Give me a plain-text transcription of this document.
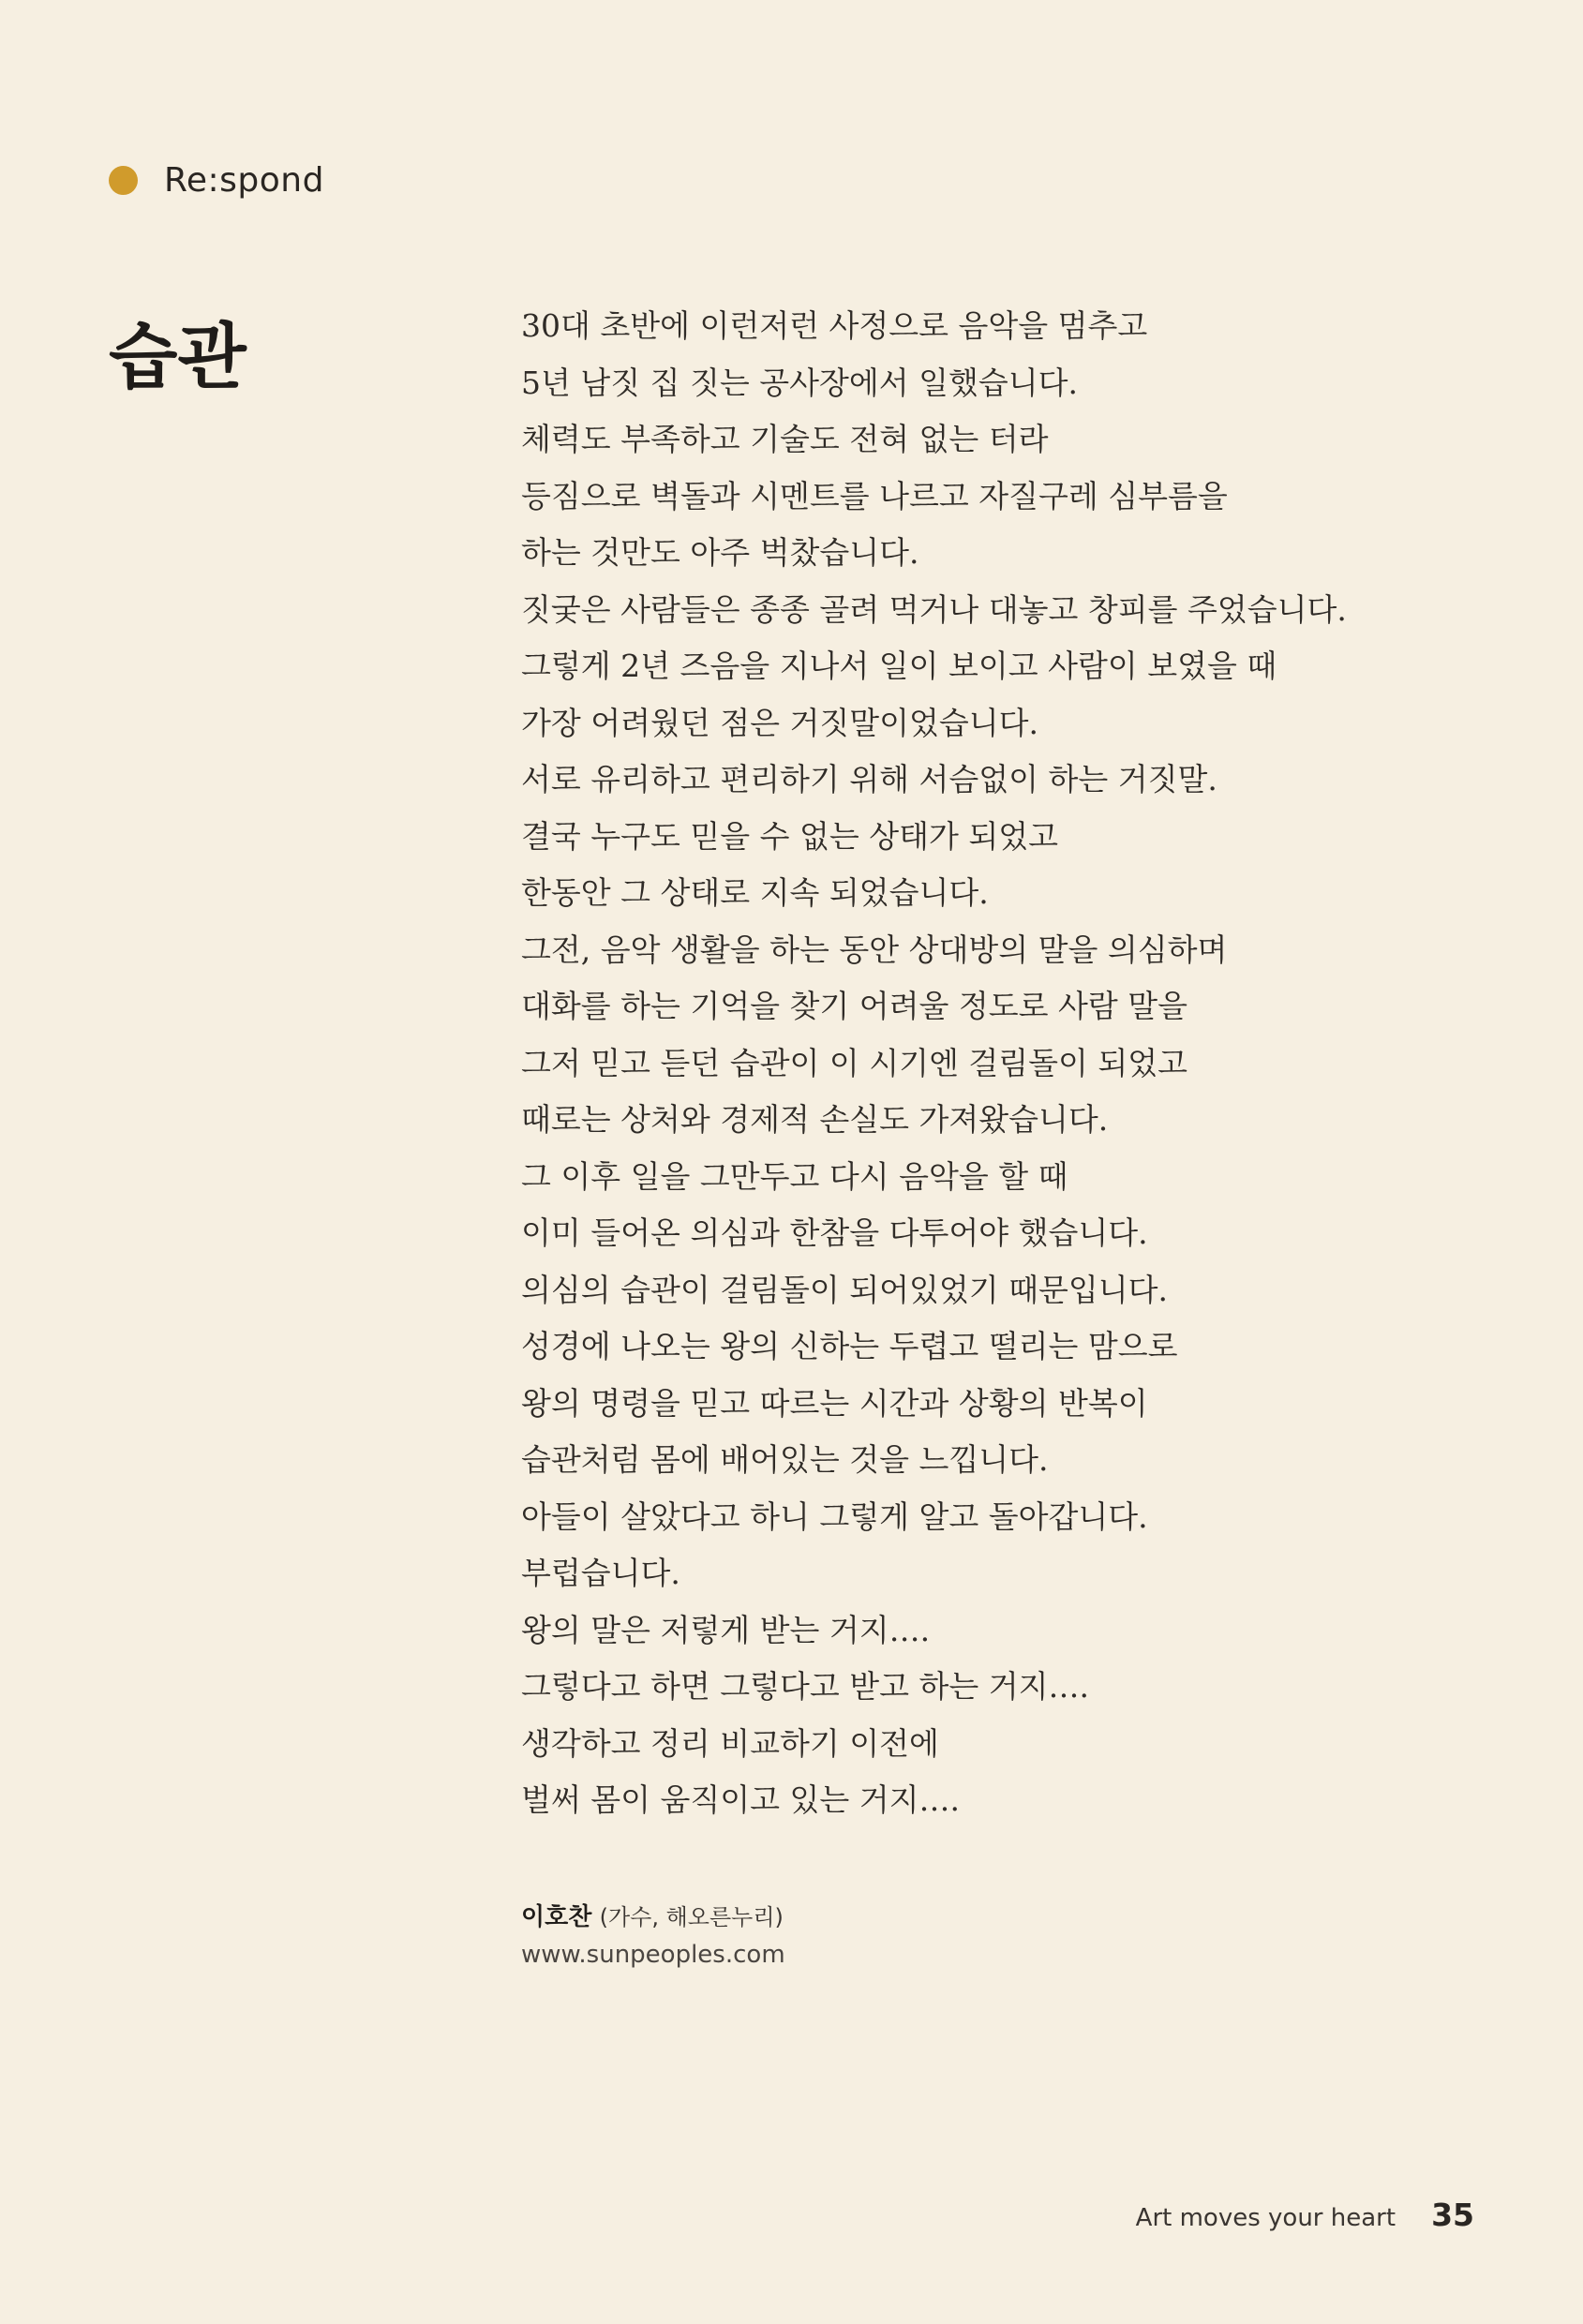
Re:spond
습관	30대 초반에 이런저런 사정으로 음악을 멈추고
5년 남짓 집 짓는 공사장에서 일했습니다.
체력도 부족하고 기술도 전혀 없는 터라
등짐으로 벽돌과 시멘트를 나르고 자질구레 심부름을
하는 것만도 아주 벅찼습니다.
짓궂은 사람들은 종종 골려 먹거나 대놓고 창피를 주었습니다.
그렇게 2년 즈음을 지나서 일이 보이고 사람이 보였을 때
가장 어려웠던 점은 거짓말이었습니다.
서로 유리하고 편리하기 위해 서슴없이 하는 거짓말.
결국 누구도 믿을 수 없는 상태가 되었고
한동안 그 상태로 지속 되었습니다.
그전, 음악 생활을 하는 동안 상대방의 말을 의심하며
대화를 하는 기억을 찾기 어려울 정도로 사람 말을
그저 믿고 듣던 습관이 이 시기엔 걸림돌이 되었고
때로는 상처와 경제적 손실도 가져왔습니다.
그 이후 일을 그만두고 다시 음악을 할 때
이미 들어온 의심과 한참을 다투어야 했습니다.
의심의 습관이 걸림돌이 되어있었기 때문입니다.
성경에 나오는 왕의 신하는 두렵고 떨리는 맘으로
왕의 명령을 믿고 따르는 시간과 상황의 반복이
습관처럼 몸에 배어있는 것을 느낍니다.
아들이 살았다고 하니 그렇게 알고 돌아갑니다.
부럽습니다.
왕의 말은 저렇게 받는 거지….
그렇다고 하면 그렇다고 받고 하는 거지….
생각하고 정리 비교하기 이전에
벌써 몸이 움직이고 있는 거지….
이호찬 (가수, 해오른누리)
www.sunpeoples.com
Art moves your heart 35
